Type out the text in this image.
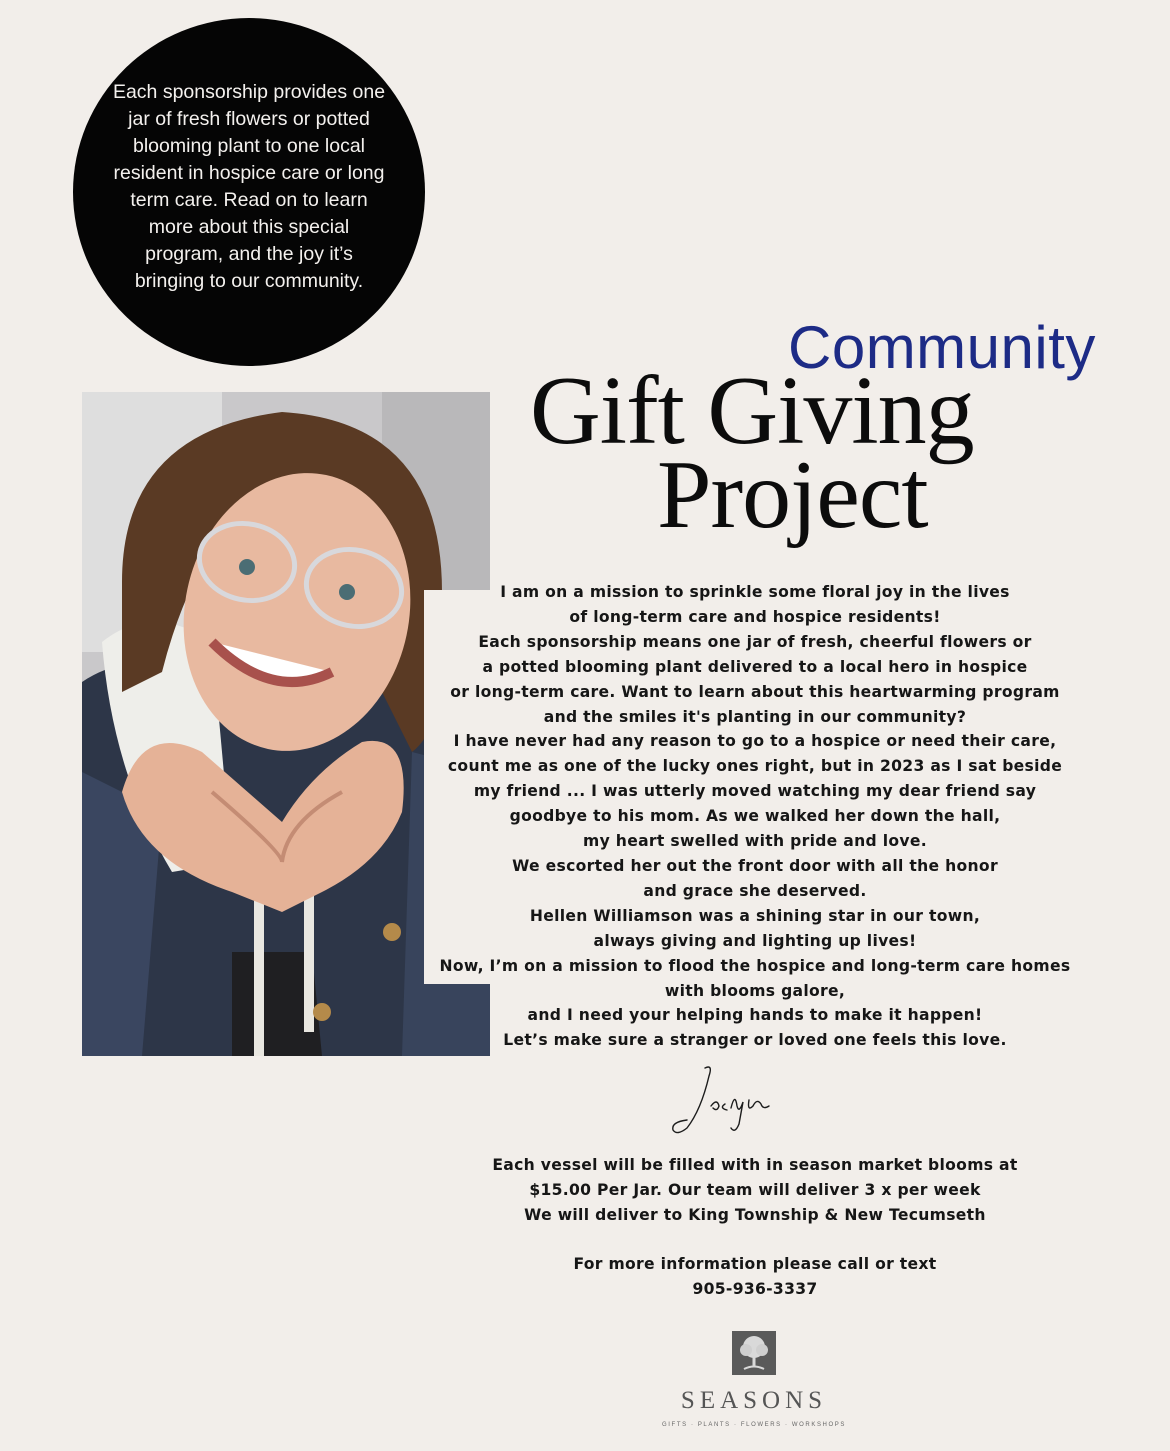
Each sponsorship provides one jar of fresh flowers or potted blooming plant to one local resident in hospice care or long term care. Read on to learn more about this special program, and the joy it’s bringing to our community.
Community
Gift Giving
Project
I am on a mission to sprinkle some floral joy in the lives
of long-term care and hospice residents!
Each sponsorship means one jar of fresh, cheerful flowers or
a potted blooming plant delivered to a local hero in hospice
or long-term care. Want to learn about this heartwarming program
and the smiles it's planting in our community?
I have never had any reason to go to a hospice or need their care,
count me as one of the lucky ones right, but in 2023 as I sat beside
my friend ... I was utterly moved watching my dear friend say
goodbye to his mom. As we walked her down the hall,
my heart swelled with pride and love.
We escorted her out the front door with all the honor
and grace she deserved.
Hellen Williamson was a shining star in our town,
always giving and lighting up lives!
Now, I’m on a mission to flood the hospice and long-term care homes
with blooms galore,
and I need your helping hands to make it happen!
Let’s make sure a stranger or loved one feels this love.
Each vessel will be filled with in season market blooms at
$15.00 Per Jar. Our team will deliver 3 x per week
We will deliver to King Township & New Tecumseth
For more information please call or text
905-936-3337
SEASONS
GIFTS · PLANTS · FLOWERS · WORKSHOPS
